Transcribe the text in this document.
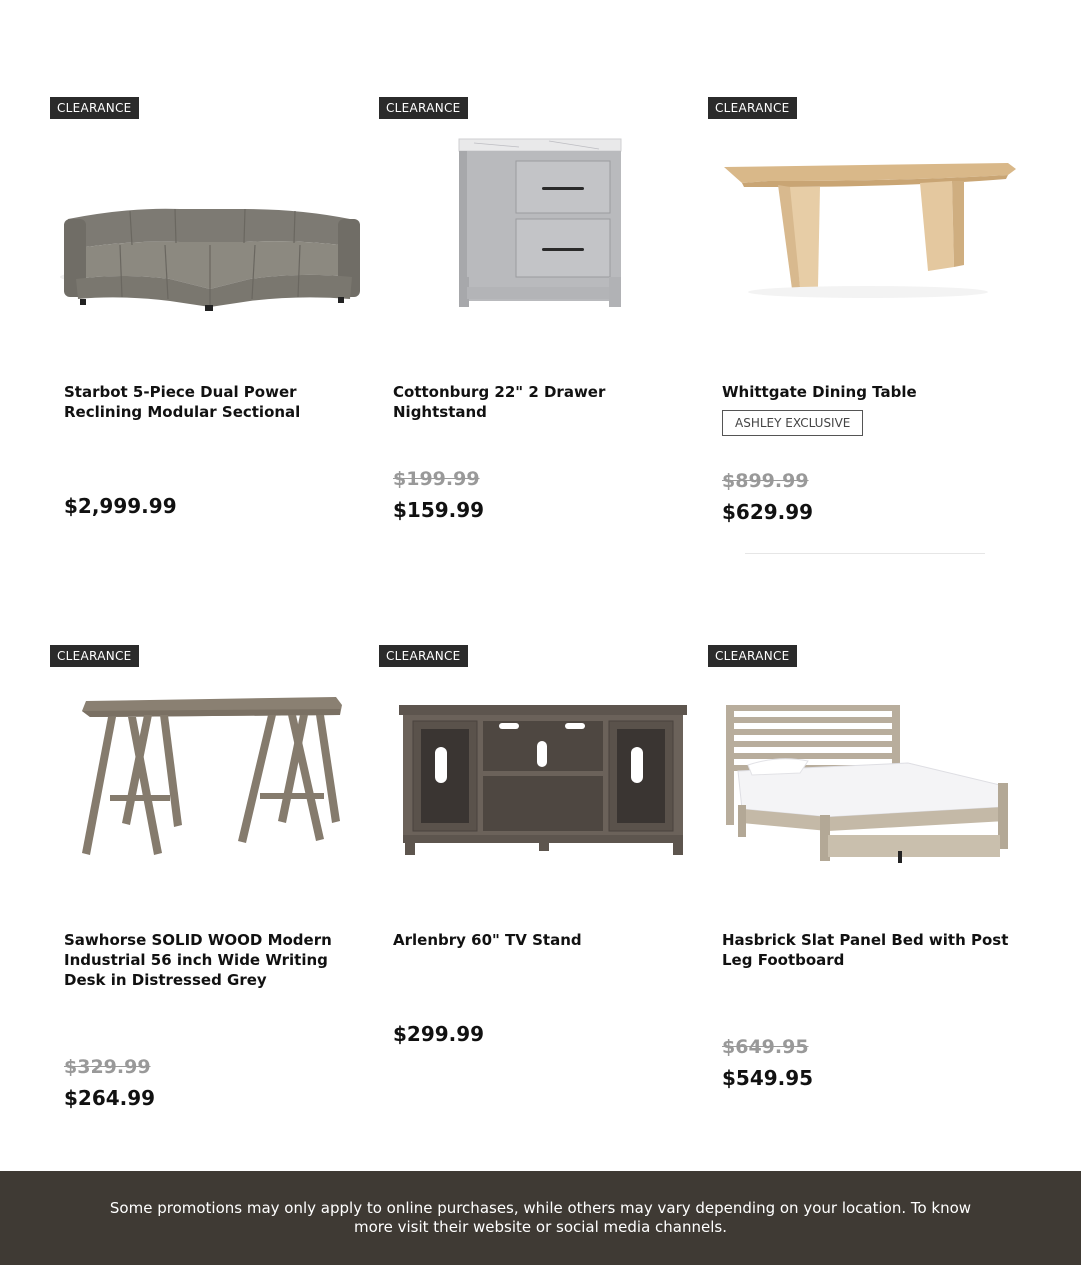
CLEARANCE
Starbot 5-Piece Dual Power Reclining Modular Sectional
$2,999.99
CLEARANCE
Cottonburg 22" 2 Drawer Nightstand
$199.99
$159.99
CLEARANCE
Whittgate Dining Table
ASHLEY EXCLUSIVE
$899.99
$629.99
CLEARANCE
Sawhorse SOLID WOOD Modern Industrial 56 inch Wide Writing Desk in Distressed Grey
$329.99
$264.99
CLEARANCE
Arlenbry 60" TV Stand
$299.99
CLEARANCE
Hasbrick Slat Panel Bed with Post Leg Footboard
$649.95
$549.95

Some promotions may only apply to online purchases, while others may vary depending on your location. To know more visit their website or social media channels.
